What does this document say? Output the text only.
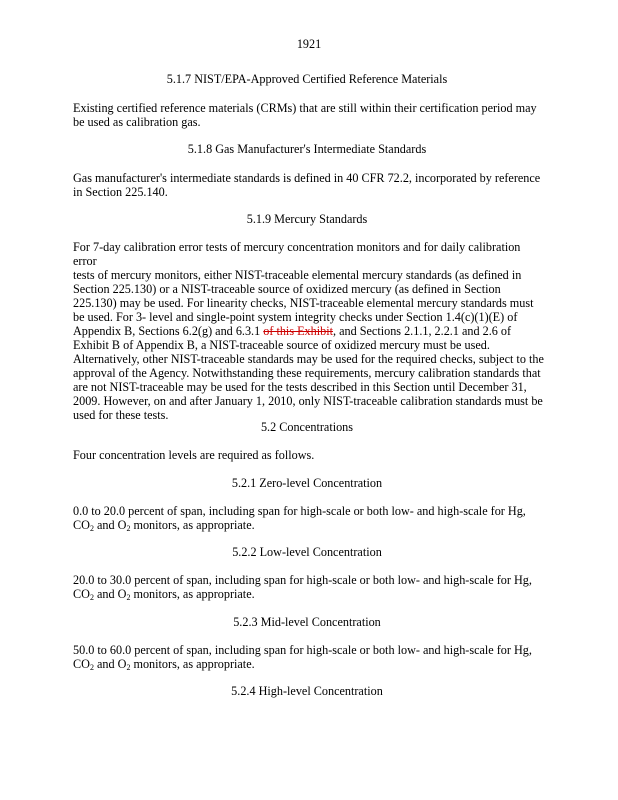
1921

5.1.7 NIST/EPA-Approved Certified Reference Materials
Existing certified reference materials (CRMs) that are still within their certification period may
be used as calibration gas.
5.1.8 Gas Manufacturer's Intermediate Standards
Gas manufacturer's intermediate standards is defined in 40 CFR 72.2, incorporated by reference
in Section 225.140.
5.1.9 Mercury Standards
For 7-day calibration error tests of mercury concentration monitors and for daily calibration error
tests of mercury monitors, either NIST-traceable elemental mercury standards (as defined in
Section 225.130) or a NIST-traceable source of oxidized mercury (as defined in Section
225.130) may be used. For linearity checks, NIST-traceable elemental mercury standards must
be used. For 3- level and single-point system integrity checks under Section 1.4(c)(1)(E) of
Appendix B, Sections 6.2(g) and 6.3.1 of this Exhibit, and Sections 2.1.1, 2.2.1 and 2.6 of
Exhibit B of Appendix B, a NIST-traceable source of oxidized mercury must be used.
Alternatively, other NIST-traceable standards may be used for the required checks, subject to the
approval of the Agency. Notwithstanding these requirements, mercury calibration standards that
are not NIST-traceable may be used for the tests described in this Section until December 31,
2009. However, on and after January 1, 2010, only NIST-traceable calibration standards must be
used for these tests.
5.2 Concentrations
Four concentration levels are required as follows.
5.2.1 Zero-level Concentration
0.0 to 20.0 percent of span, including span for high-scale or both low- and high-scale for Hg,
$CO_2$ and $O_2$ monitors, as appropriate.
5.2.2 Low-level Concentration
20.0 to 30.0 percent of span, including span for high-scale or both low- and high-scale for Hg,
$CO_2$ and $O_2$ monitors, as appropriate.
5.2.3 Mid-level Concentration
50.0 to 60.0 percent of span, including span for high-scale or both low- and high-scale for Hg,
$CO_2$ and $O_2$ monitors, as appropriate.
5.2.4 High-level Concentration
